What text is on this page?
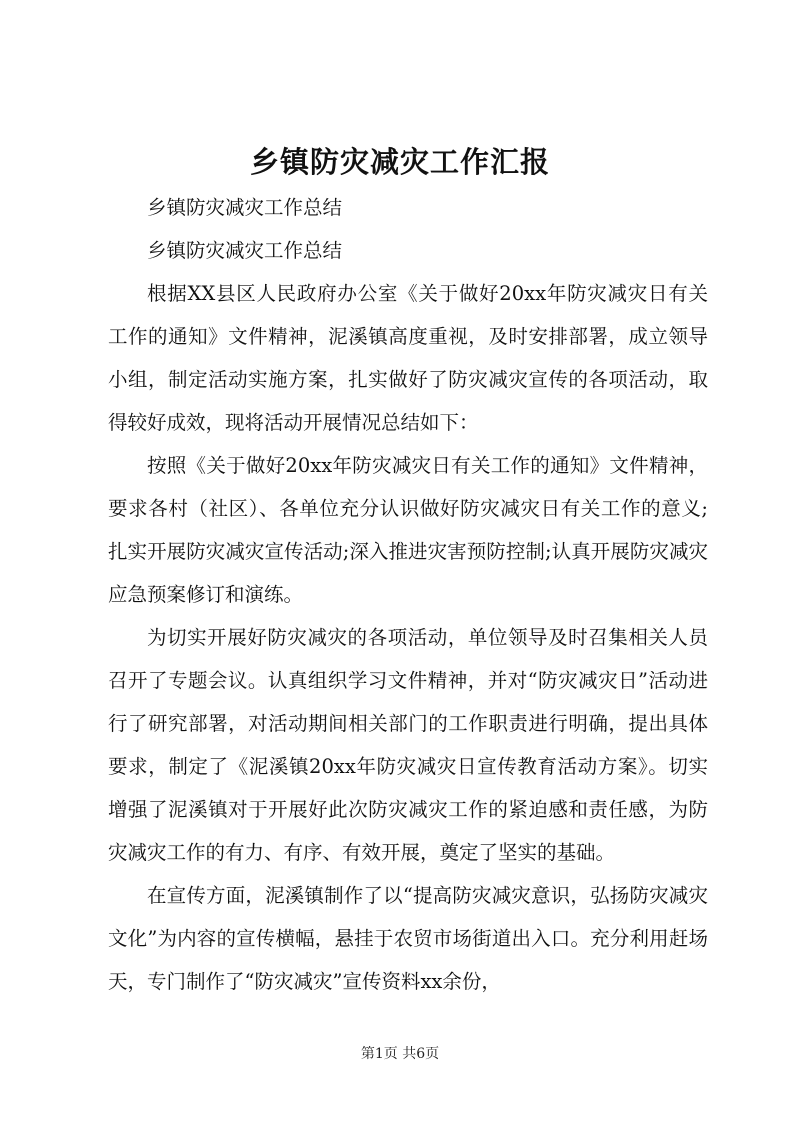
乡镇防灾减灾工作汇报

乡镇防灾减灾工作总结

乡镇防灾减灾工作总结

根据XX县区人民政府办公室《关于做好20xx年防灾减灾日有关工作的通知》文件精神，泥溪镇高度重视，及时安排部署，成立领导小组，制定活动实施方案，扎实做好了防灾减灾宣传的各项活动，取得较好成效，现将活动开展情况总结如下：

按照《关于做好20xx年防灾减灾日有关工作的通知》文件精神，要求各村（社区）、各单位充分认识做好防灾减灾日有关工作的意义;扎实开展防灾减灾宣传活动;深入推进灾害预防控制;认真开展防灾减灾应急预案修订和演练。

为切实开展好防灾减灾的各项活动，单位领导及时召集相关人员召开了专题会议。认真组织学习文件精神，并对“防灾减灾日”活动进行了研究部署，对活动期间相关部门的工作职责进行明确，提出具体要求，制定了《泥溪镇20xx年防灾减灾日宣传教育活动方案》。切实增强了泥溪镇对于开展好此次防灾减灾工作的紧迫感和责任感，为防灾减灾工作的有力、有序、有效开展，奠定了坚实的基础。

在宣传方面，泥溪镇制作了以“提高防灾减灾意识，弘扬防灾减灾文化”为内容的宣传横幅，悬挂于农贸市场街道出入口。充分利用赶场天，专门制作了“防灾减灾”宣传资料xx余份，

第1页 共6页
